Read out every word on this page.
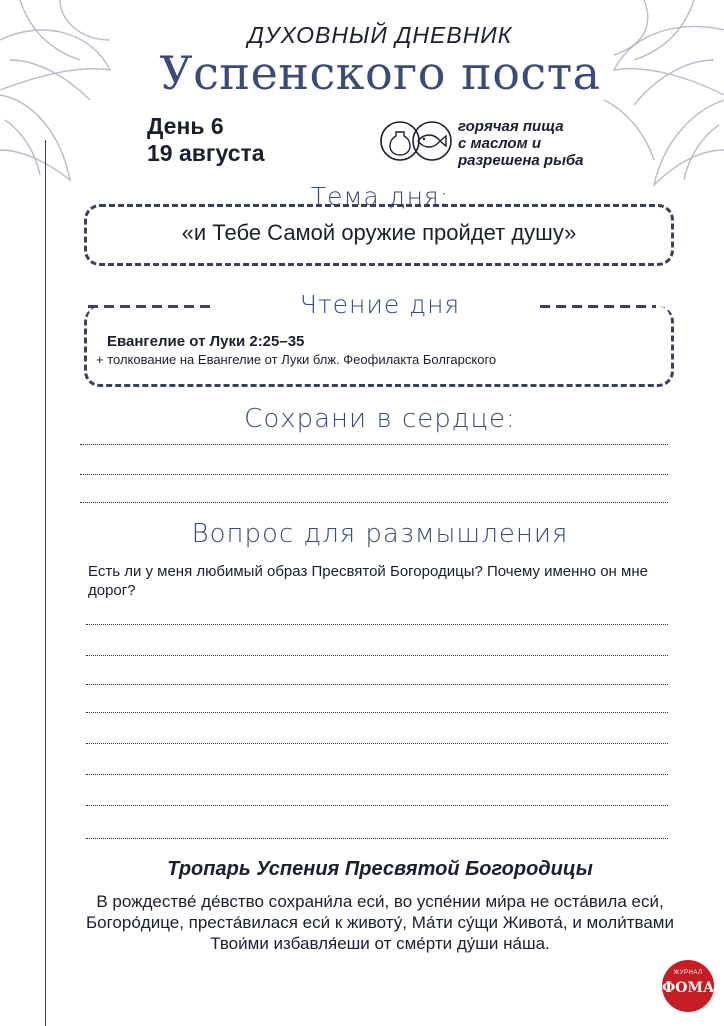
ДУХОВНЫЙ ДНЕВНИК
Успенского поста
День 6
19 августа
горячая пища
с маслом и
разрешена рыба
Тема дня:
«и Тебе Самой оружие пройдет душу»
Чтение дня
Евангелие от Луки 2:25–35
+ толкование на Евангелие от Луки блж. Феофилакта Болгарского
Сохрани в сердце:
Вопрос для размышления
Есть ли у меня любимый образ Пресвятой Богородицы? Почему именно он мне дорог?
Тропарь Успения Пресвятой Богородицы
В рождестве́ де́вство сохрани́ла еси́, во успе́нии ми́ра не оста́вила еси́, Богоро́дице, преста́вилася еси́ к животу́, Ма́ти су́щи Живота́, и моли́твами Твои́ми избавля́еши от сме́рти ду́ши на́ша.
ЖУРНАЛ
ФОМА
